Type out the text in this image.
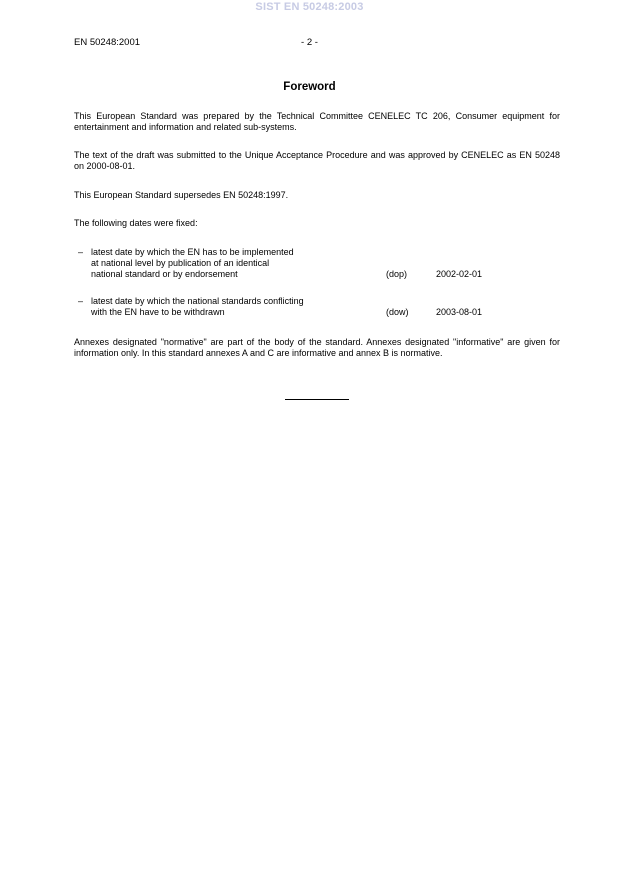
SIST EN 50248:2003
EN 50248:2001	- 2 -
Foreword
This European Standard was prepared by the Technical Committee CENELEC TC 206, Consumer equipment for entertainment and information and related sub-systems.
The text of the draft was submitted to the Unique Acceptance Procedure and was approved by CENELEC as EN 50248 on 2000-08-01.
This European Standard supersedes EN 50248:1997.
The following dates were fixed:
– latest date by which the EN has to be implemented
at national level by publication of an identical
national standard or by endorsement	(dop)	2002-02-01
– latest date by which the national standards conflicting
with the EN have to be withdrawn	(dow)	2003-08-01
Annexes designated "normative" are part of the body of the standard. Annexes designated "informative" are given for information only. In this standard annexes A and C are informative and annex B is normative.
